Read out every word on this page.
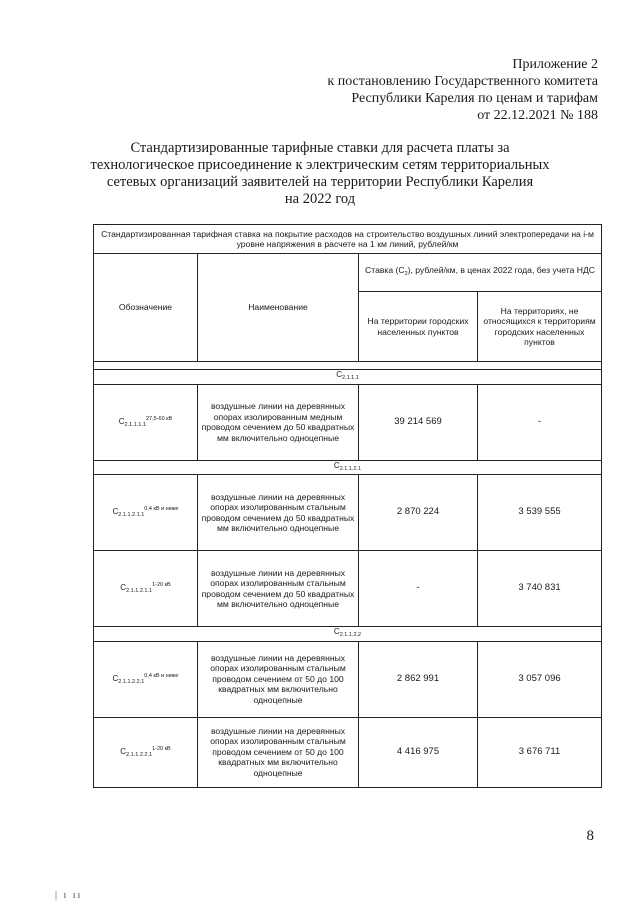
Приложение 2
к постановлению Государственного комитета
Республики Карелия по ценам и тарифам
от 22.12.2021 № 188
Стандартизированные тарифные ставки для расчета платы за
технологическое присоединение к электрическим сетям территориальных
сетевых организаций заявителей на территории Республики Карелия
на 2022 год
Стандартизированная тарифная ставка на покрытие расходов на строительство воздушных линий электропередачи на i-м уровне напряжения в расчете на 1 км линий, рублей/км			
Обозначение	Наименование	Ставка $(С_2)$, рублей/км, в ценах 2022 года, без учета НДС	
		На территории городских населенных пунктов	На территориях, не относящихся к территориям городских населенных пунктов

$С_{2.1.1.1}$
$С_{2.1.1.1.1}^{27,5-60 кВ}$	воздушные линии на деревянных опорах изолированным медным проводом сечением до 50 квадратных мм включительно одноцепные	39 214 569	-
$С_{2.1.1.2.1}$
$С_{2.1.1.2.1.1}^{0,4 кВ и ниже}$	воздушные линии на деревянных опорах изолированным стальным проводом сечением до 50 квадратных мм включительно одноцепные	2 870 224	3 539 555
$С_{2.1.1.2.1.1}^{1-20 кВ}$	воздушные линии на деревянных опорах изолированным стальным проводом сечением до 50 квадратных мм включительно одноцепные	-	3 740 831
$С_{2.1.1.2.2}$
$С_{2.1.1.2.2.1}^{0,4 кВ и ниже}$	воздушные линии на деревянных опорах изолированным стальным проводом сечением от 50 до 100 квадратных мм включительно одноцепные	2 862 991	3 057 096
$С_{2.1.1.2.2.1}^{1-20 кВ}$	воздушные линии на деревянных опорах изолированным стальным проводом сечением от 50 до 100 квадратных мм включительно одноцепные	4 416 975	3 676 711
8
| ı ıı
